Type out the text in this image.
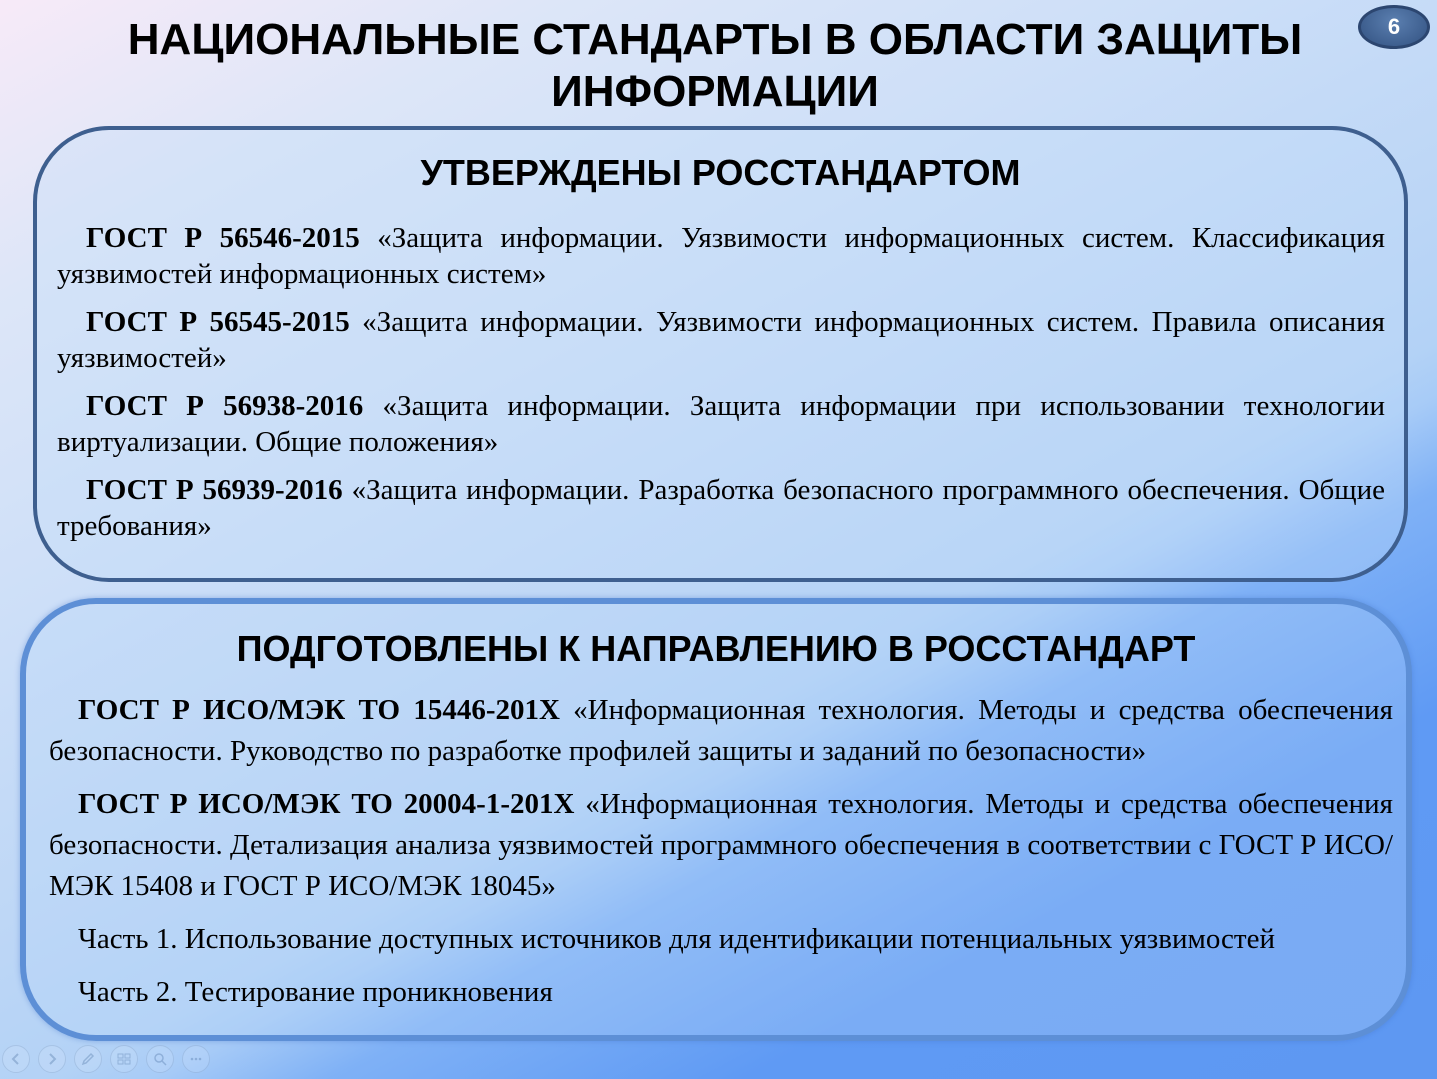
НАЦИОНАЛЬНЫЕ СТАНДАРТЫ В ОБЛАСТИ ЗАЩИТЫ ИНФОРМАЦИИ
6
УТВЕРЖДЕНЫ РОССТАНДАРТОМ

ГОСТ Р 56546-2015 «Защита информации. Уязвимости информационных систем. Классификация уязвимостей информационных систем»

ГОСТ Р 56545-2015 «Защита информации. Уязвимости информационных систем. Правила описания уязвимостей»

ГОСТ Р 56938-2016 «Защита информации. Защита информации при использовании технологии виртуализации. Общие положения»

ГОСТ Р 56939-2016 «Защита информации. Разработка безопасного программного обеспечения. Общие требования»

ПОДГОТОВЛЕНЫ К НАПРАВЛЕНИЮ В РОССТАНДАРТ

ГОСТ Р ИСО/МЭК ТО 15446-201Х «Информационная технология. Методы и средства обеспечения безопасности. Руководство по разработке профилей защиты и заданий по безопасности»

ГОСТ Р ИСО/МЭК ТО 20004-1-201Х «Информационная технология. Методы и средства обеспечения безопасности. Детализация анализа уязвимостей программного обеспечения в соответствии с ГОСТ Р ИСО/МЭК 15408 и ГОСТ Р ИСО/МЭК 18045»

Часть 1. Использование доступных источников для идентификации потенциальных уязвимостей

Часть 2. Тестирование проникновения
